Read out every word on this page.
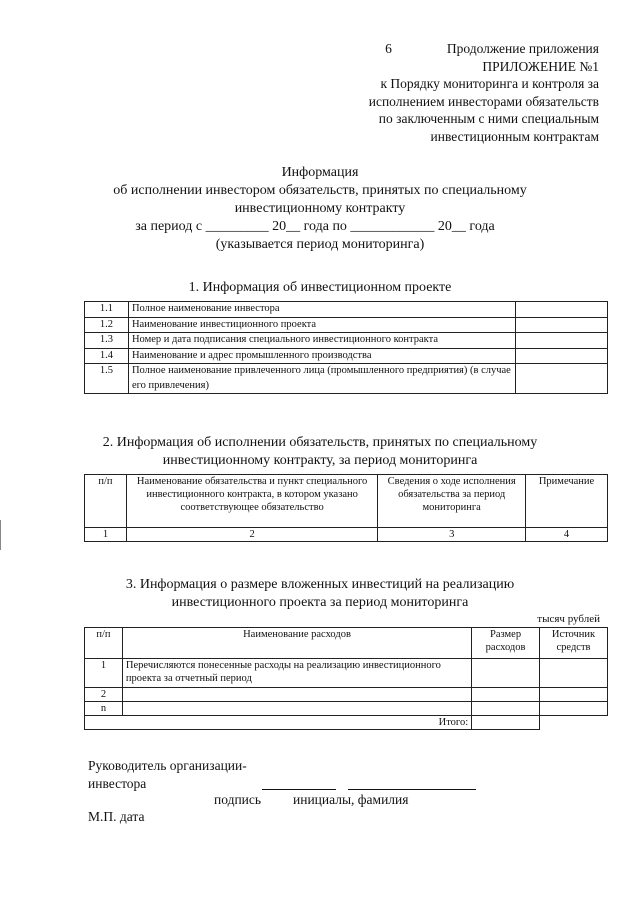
6	Продолжение приложения
ПРИЛОЖЕНИЕ №1
к Порядку мониторинга и контроля за
исполнением инвесторами обязательств
по заключенным с ними специальным
инвестиционным контрактам
Информация
об исполнении инвестором обязательств, принятых по специальному
инвестиционному контракту
за период с _________ 20__ года по ____________ 20__ года
(указывается период мониторинга)
1. Информация об инвестиционном проекте
1.1	Полное наименование инвестора	
1.2	Наименование инвестиционного проекта	
1.3	Номер и дата подписания специального инвестиционного контракта	
1.4	Наименование и адрес промышленного производства	
1.5	Полное наименование привлеченного лица (промышленного предприятия) (в случае его привлечения)	
2. Информация об исполнении обязательств, принятых по специальному
инвестиционному контракту, за период мониторинга
п/п	Наименование обязательства и пункт специального инвестиционного контракта, в котором указано соответствующее обязательство	Сведения о ходе исполнения обязательства за период мониторинга	Примечание
1	2	3	4
3. Информация о размере вложенных инвестиций на реализацию
инвестиционного проекта за период мониторинга
тысяч рублей
п/п	Наименование расходов	Размер расходов	Источник средств
1	Перечисляются понесенные расходы на реализацию инвестиционного проекта за отчетный период		
2			
n			
Итого:			
Руководитель организации-
инвестора
подпись инициалы, фамилия
М.П. дата
